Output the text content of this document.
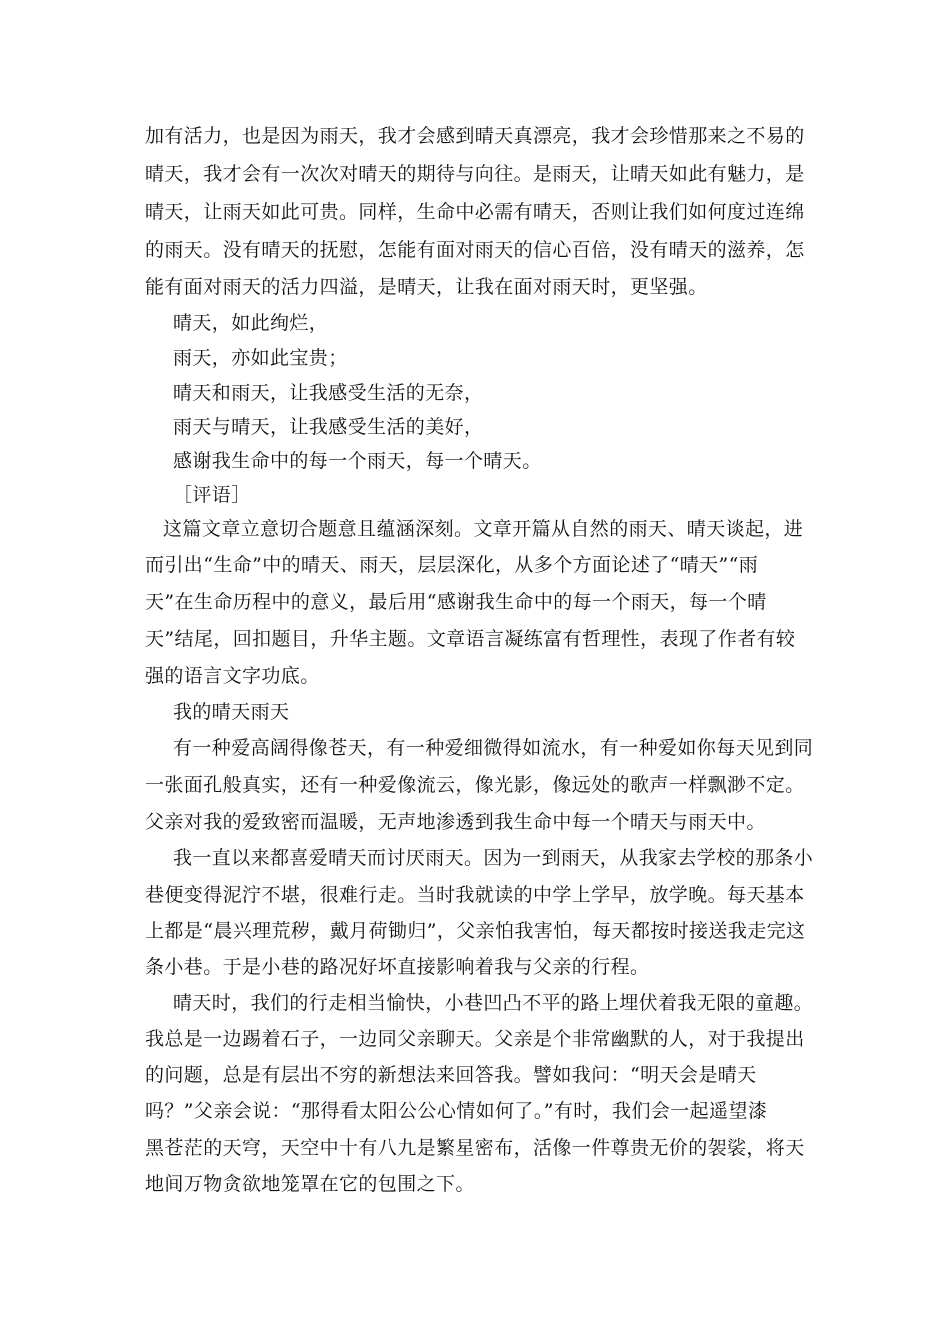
加有活力，也是因为雨天，我才会感到晴天真漂亮，我才会珍惜那来之不易的
晴天，我才会有一次次对晴天的期待与向往。是雨天，让晴天如此有魅力，是
晴天，让雨天如此可贵。同样，生命中必需有晴天，否则让我们如何度过连绵
的雨天。没有晴天的抚慰，怎能有面对雨天的信心百倍，没有晴天的滋养，怎
能有面对雨天的活力四溢，是晴天，让我在面对雨天时，更坚强。
晴天，如此绚烂，
雨天，亦如此宝贵；
晴天和雨天，让我感受生活的无奈，
雨天与晴天，让我感受生活的美好，
感谢我生命中的每一个雨天，每一个晴天。
［评语］
这篇文章立意切合题意且蕴涵深刻。文章开篇从自然的雨天、晴天谈起，进
而引出“生命”中的晴天、雨天，层层深化，从多个方面论述了“晴天”“雨
天”在生命历程中的意义，最后用“感谢我生命中的每一个雨天，每一个晴
天”结尾，回扣题目，升华主题。文章语言凝练富有哲理性，表现了作者有较
强的语言文字功底。
我的晴天雨天
有一种爱高阔得像苍天，有一种爱细微得如流水，有一种爱如你每天见到同
一张面孔般真实，还有一种爱像流云，像光影，像远处的歌声一样飘渺不定。
父亲对我的爱致密而温暖，无声地渗透到我生命中每一个晴天与雨天中。
我一直以来都喜爱晴天而讨厌雨天。因为一到雨天，从我家去学校的那条小
巷便变得泥泞不堪，很难行走。当时我就读的中学上学早，放学晚。每天基本
上都是“晨兴理荒秽，戴月荷锄归”，父亲怕我害怕，每天都按时接送我走完这
条小巷。于是小巷的路况好坏直接影响着我与父亲的行程。
晴天时，我们的行走相当愉快，小巷凹凸不平的路上埋伏着我无限的童趣。
我总是一边踢着石子，一边同父亲聊天。父亲是个非常幽默的人，对于我提出
的问题，总是有层出不穷的新想法来回答我。譬如我问：“明天会是晴天
吗？”父亲会说：“那得看太阳公公心情如何了。”有时，我们会一起遥望漆
黑苍茫的天穹，天空中十有八九是繁星密布，活像一件尊贵无价的袈裟，将天
地间万物贪欲地笼罩在它的包围之下。
